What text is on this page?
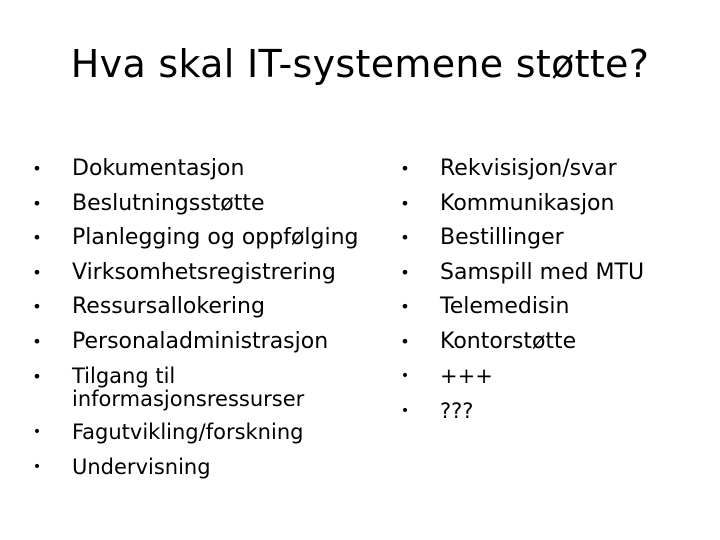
Hva skal IT-systemene støtte?
• Dokumentasjon
• Beslutningsstøtte
• Planlegging og oppfølging
• Virksomhetsregistrering
• Ressursallokering
• Personaladministrasjon
• Tilgang til
informasjonsressurser
• Fagutvikling/forskning
• Undervisning
• Rekvisisjon/svar
• Kommunikasjon
• Bestillinger
• Samspill med MTU
• Telemedisin
• Kontorstøtte
• +++
• ???
